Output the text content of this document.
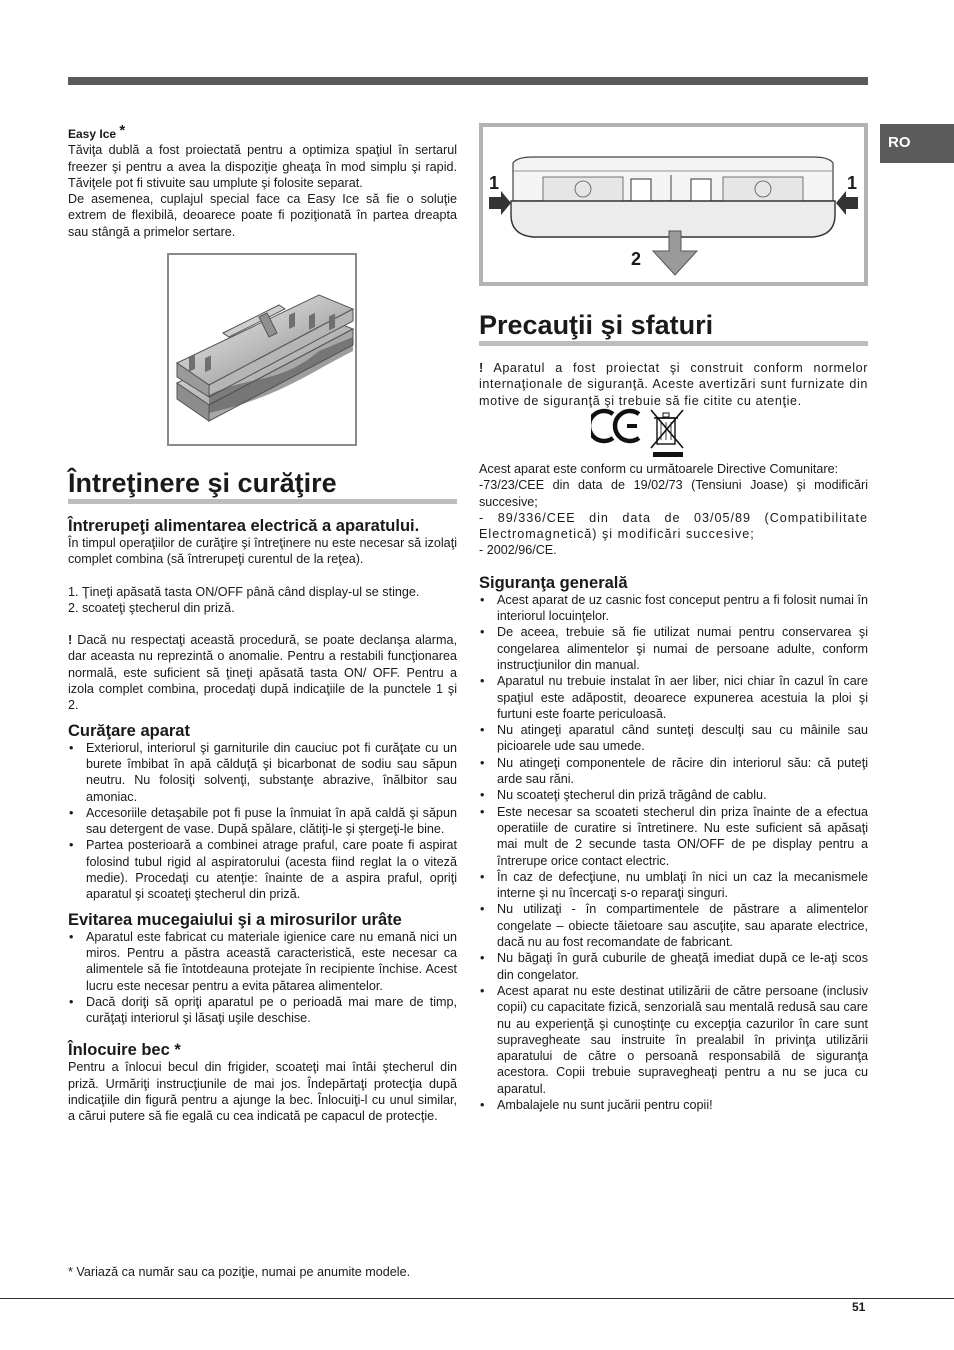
RO
Easy Ice *

Tăviţa dublă a fost proiectată pentru a optimiza spaţiul în sertarul freezer şi pentru a avea la dispoziţie gheaţa în mod simplu şi rapid. Tăviţele pot fi stivuite sau umplute şi folosite separat.

De asemenea, cuplajul special face ca Easy Ice să fie o soluţie extrem de flexibilă, deoarece poate fi poziţionată în partea dreapta sau stângă a primelor sertare.

Întreţinere şi curăţire
Întrerupeţi alimentarea electrică a aparatului.

În timpul operaţiilor de curăţire şi întreţinere nu este necesar să izolaţi complet combina (să întrerupeţi curentul de la reţea).

1. Ţineţi apăsată tasta ON/OFF până când display-ul se stinge.
2. scoateţi ştecherul din priză.

! Dacă nu respectaţi această procedură, se poate declanşa alarma, dar aceasta nu reprezintă o anomalie. Pentru a restabili funcţionarea normală, este suficient să ţineţi apăsată tasta ON/ OFF. Pentru a izola complet combina, procedaţi după indicaţiile de la punctele 1 şi 2.

Curăţare aparat
• Exteriorul, interiorul şi garniturile din cauciuc pot fi curăţate cu un burete îmbibat în apă călduţă şi bicarbonat de sodiu sau săpun neutru. Nu folosiţi solvenţi, substanţe abrazive, înălbitor sau amoniac.
• Accesoriile detaşabile pot fi puse la înmuiat în apă caldă şi săpun sau detergent de vase. După spălare, clătiţi-le şi ştergeţi-le bine.
• Partea posterioară a combinei atrage praful, care poate fi aspirat folosind tubul rigid al aspiratorului (acesta fiind reglat la o viteză medie). Procedaţi cu atenţie: înainte de a aspira praful, opriţi aparatul şi scoateţi ştecherul din priză.
Evitarea mucegaiului şi a mirosurilor urâte
• Aparatul este fabricat cu materiale igienice care nu emană nici un miros. Pentru a păstra această caracteristică, este necesar ca alimentele să fie întotdeauna protejate în recipiente închise. Acest lucru este necesar pentru a evita pătarea alimentelor.
• Dacă doriţi să opriţi aparatul pe o perioadă mai mare de timp, curăţaţi interiorul şi lăsaţi uşile deschise.
Înlocuire bec *

Pentru a înlocui becul din frigider, scoateţi mai întâi ştecherul din priză. Urmăriţi instrucţiunile de mai jos. Îndepărtaţi protecţia după indicaţiile din figură pentru a ajunge la bec. Înlocuiţi-l cu unul similar, a cărui putere să fie egală cu cea indicată pe capacul de protecţie.

1	1
2
Precauţii şi sfaturi

! Aparatul a fost proiectat şi construit conform normelor internaţionale de siguranţă. Aceste avertizări sunt furnizate din motive de siguranţă şi trebuie să fie citite cu atenţie.

Acest aparat este conform cu următoarele Directive Comunitare:

-73/23/CEE din data de 19/02/73 (Tensiuni Joase) şi modificări succesive;

- 89/336/CEE din data de 03/05/89 (Compatibilitate Electromagnetică) şi modificări succesive;

- 2002/96/CE.

Siguranţa generală
• Acest aparat de uz casnic fost conceput pentru a fi folosit numai în interiorul locuinţelor.
• De aceea, trebuie să fie utilizat numai pentru conservarea şi congelarea alimentelor şi numai de persoane adulte, conform instrucţiunilor din manual.
• Aparatul nu trebuie instalat în aer liber, nici chiar în cazul în care spaţiul este adăpostit, deoarece expunerea acestuia la ploi şi furtuni este foarte periculoasă.
• Nu atingeţi aparatul când sunteţi desculţi sau cu mâinile sau picioarele ude sau umede.
• Nu atingeţi componentele de răcire din interiorul său: că puteţi arde sau răni.
• Nu scoateţi ştecherul din priză trăgând de cablu.
• Este necesar sa scoateti stecherul din priza înainte de a efectua operatiile de curatire si întretinere. Nu este suficient să apăsaţi mai mult de 2 secunde tasta ON/OFF de pe display pentru a întrerupe orice contact electric.
• În caz de defecţiune, nu umblaţi în nici un caz la mecanismele interne şi nu încercaţi s-o reparaţi singuri.
• Nu utilizaţi - în compartimentele de păstrare a alimentelor congelate – obiecte tăietoare sau ascuţite, sau aparate electrice, dacă nu au fost recomandate de fabricant.
• Nu băgaţi în gură cuburile de gheaţă imediat după ce le-aţi scos din congelator.
• Acest aparat nu este destinat utilizării de către persoane (inclusiv copii) cu capacitate fizică, senzorială sau mentală redusă sau care nu au experienţă şi cunoştinţe cu excepţia cazurilor în care sunt supravegheate sau instruite în prealabil în privinţa utilizării aparatului de către o persoană responsabilă de siguranţa acestora. Copii trebuie supravegheaţi pentru a nu se juca cu aparatul.
• Ambalajele nu sunt jucării pentru copii!
* Variază ca număr sau ca poziţie, numai pe anumite modele.
51
